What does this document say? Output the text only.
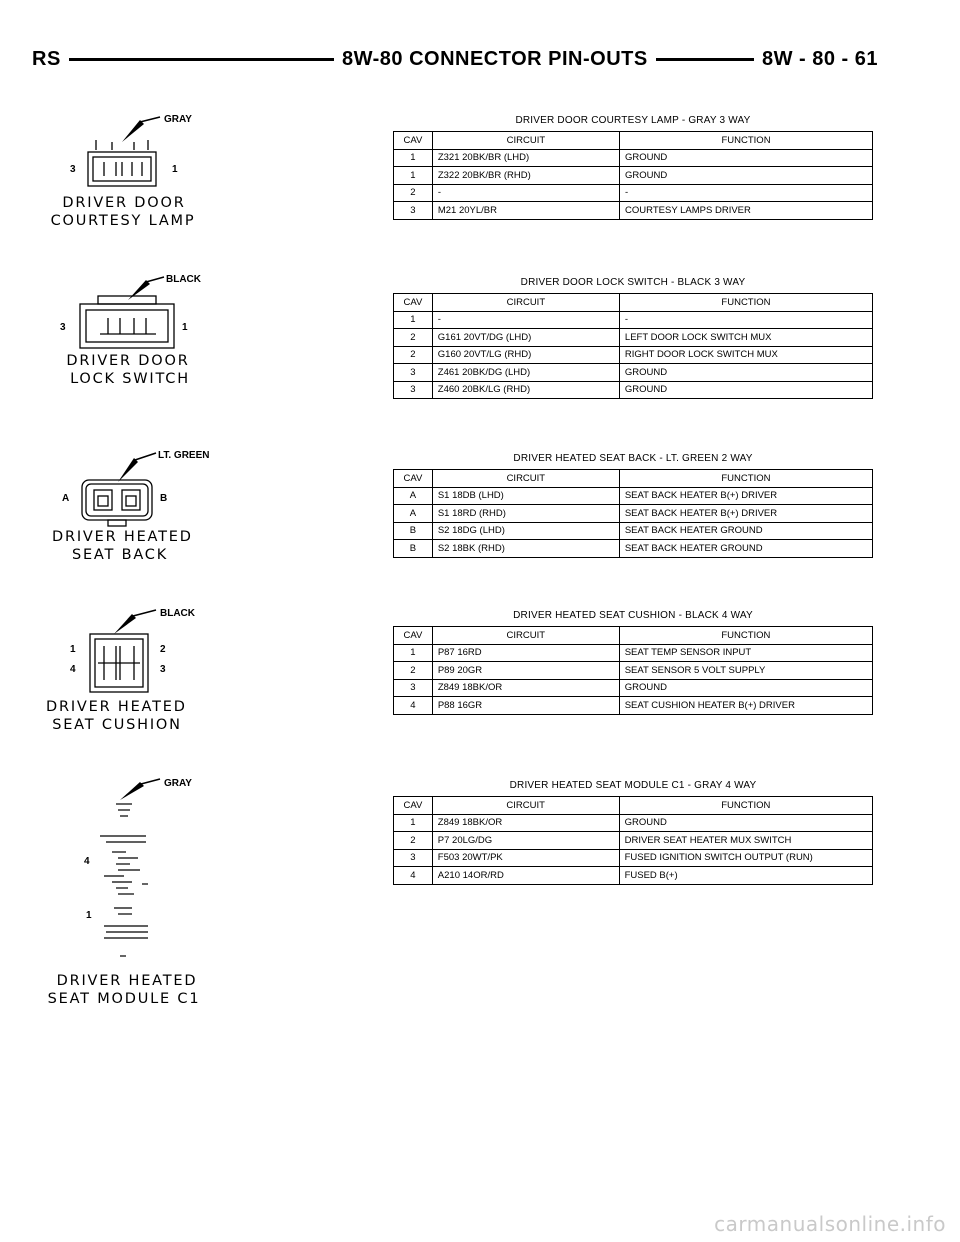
RS	8W-80 CONNECTOR PIN-OUTS	8W - 80 - 61
GRAY
3	1
DRIVER DOOR
COURTESY LAMP
BLACK
3	1
DRIVER DOOR
LOCK SWITCH
LT. GREEN
A	B
DRIVER HEATED
SEAT BACK
BLACK
1
4
2
3
DRIVER HEATED
SEAT CUSHION
GRAY
4
1
DRIVER HEATED
SEAT MODULE C1
DRIVER DOOR COURTESY LAMP - GRAY 3 WAY
CAV	CIRCUIT	FUNCTION
1	Z321 20BK/BR (LHD)	GROUND
1	Z322 20BK/BR (RHD)	GROUND
2	-	-
3	M21 20YL/BR	COURTESY LAMPS DRIVER
DRIVER DOOR LOCK SWITCH - BLACK 3 WAY
CAV	CIRCUIT	FUNCTION
1	-	-
2	G161 20VT/DG (LHD)	LEFT DOOR LOCK SWITCH MUX
2	G160 20VT/LG (RHD)	RIGHT DOOR LOCK SWITCH MUX
3	Z461 20BK/DG (LHD)	GROUND
3	Z460 20BK/LG (RHD)	GROUND
DRIVER HEATED SEAT BACK - LT. GREEN 2 WAY
CAV	CIRCUIT	FUNCTION
A	S1 18DB (LHD)	SEAT BACK HEATER B(+) DRIVER
A	S1 18RD (RHD)	SEAT BACK HEATER B(+) DRIVER
B	S2 18DG (LHD)	SEAT BACK HEATER GROUND
B	S2 18BK (RHD)	SEAT BACK HEATER GROUND
DRIVER HEATED SEAT CUSHION - BLACK 4 WAY
CAV	CIRCUIT	FUNCTION
1	P87 16RD	SEAT TEMP SENSOR INPUT
2	P89 20GR	SEAT SENSOR 5 VOLT SUPPLY
3	Z849 18BK/OR	GROUND
4	P88 16GR	SEAT CUSHION HEATER B(+) DRIVER
DRIVER HEATED SEAT MODULE C1 - GRAY 4 WAY
CAV	CIRCUIT	FUNCTION
1	Z849 18BK/OR	GROUND
2	P7 20LG/DG	DRIVER SEAT HEATER MUX SWITCH
3	F503 20WT/PK	FUSED IGNITION SWITCH OUTPUT (RUN)
4	A210 14OR/RD	FUSED B(+)
carmanualsonline.info
